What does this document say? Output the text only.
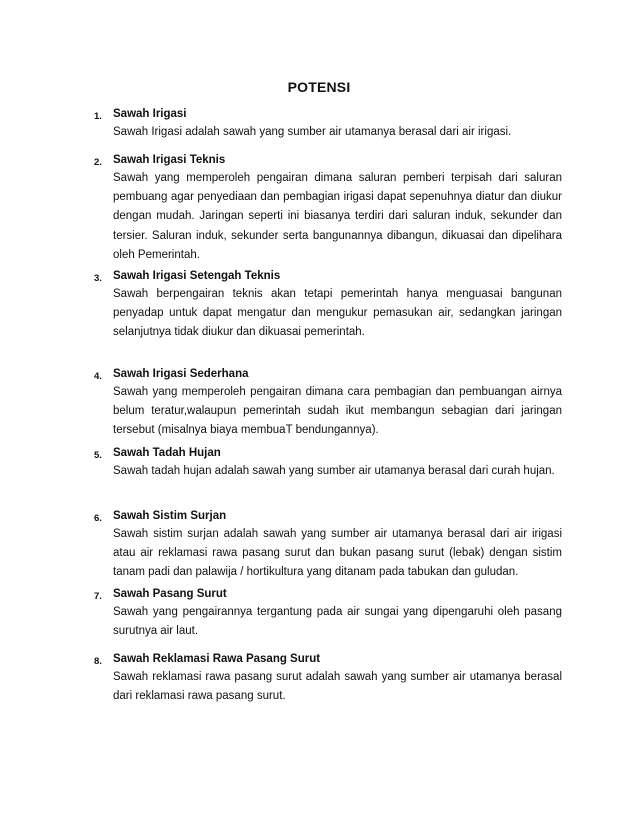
POTENSI
1. Sawah Irigasi
Sawah Irigasi adalah sawah yang sumber air utamanya berasal dari air irigasi.
2. Sawah Irigasi Teknis
Sawah yang memperoleh pengairan dimana saluran pemberi terpisah dari saluran pembuang agar penyediaan dan pembagian irigasi dapat sepenuhnya diatur dan diukur dengan mudah. Jaringan seperti ini biasanya terdiri dari saluran induk, sekunder dan tersier. Saluran induk, sekunder serta bangunannya dibangun, dikuasai dan dipelihara oleh Pemerintah.
3. Sawah Irigasi Setengah Teknis
Sawah berpengairan teknis akan tetapi pemerintah hanya menguasai bangunan penyadap untuk dapat mengatur dan mengukur pemasukan air, sedangkan jaringan selanjutnya tidak diukur dan dikuasai pemerintah.
4. Sawah Irigasi Sederhana
Sawah yang memperoleh pengairan dimana cara pembagian dan pembuangan airnya belum teratur,walaupun pemerintah sudah ikut membangun sebagian dari jaringan tersebut (misalnya biaya membuaT bendungannya).
5. Sawah Tadah Hujan
Sawah tadah hujan adalah sawah yang sumber air utamanya berasal dari curah hujan.
6. Sawah Sistim Surjan
Sawah sistim surjan adalah sawah yang sumber air utamanya berasal dari air irigasi atau air reklamasi rawa pasang surut dan bukan pasang surut (lebak) dengan sistim tanam padi dan palawija / hortikultura yang ditanam pada tabukan dan guludan.
7. Sawah Pasang Surut
Sawah yang pengairannya tergantung pada air sungai yang dipengaruhi oleh pasang surutnya air laut.
8. Sawah Reklamasi Rawa Pasang Surut
Sawah reklamasi rawa pasang surut adalah sawah yang sumber air utamanya berasal dari reklamasi rawa pasang surut.
